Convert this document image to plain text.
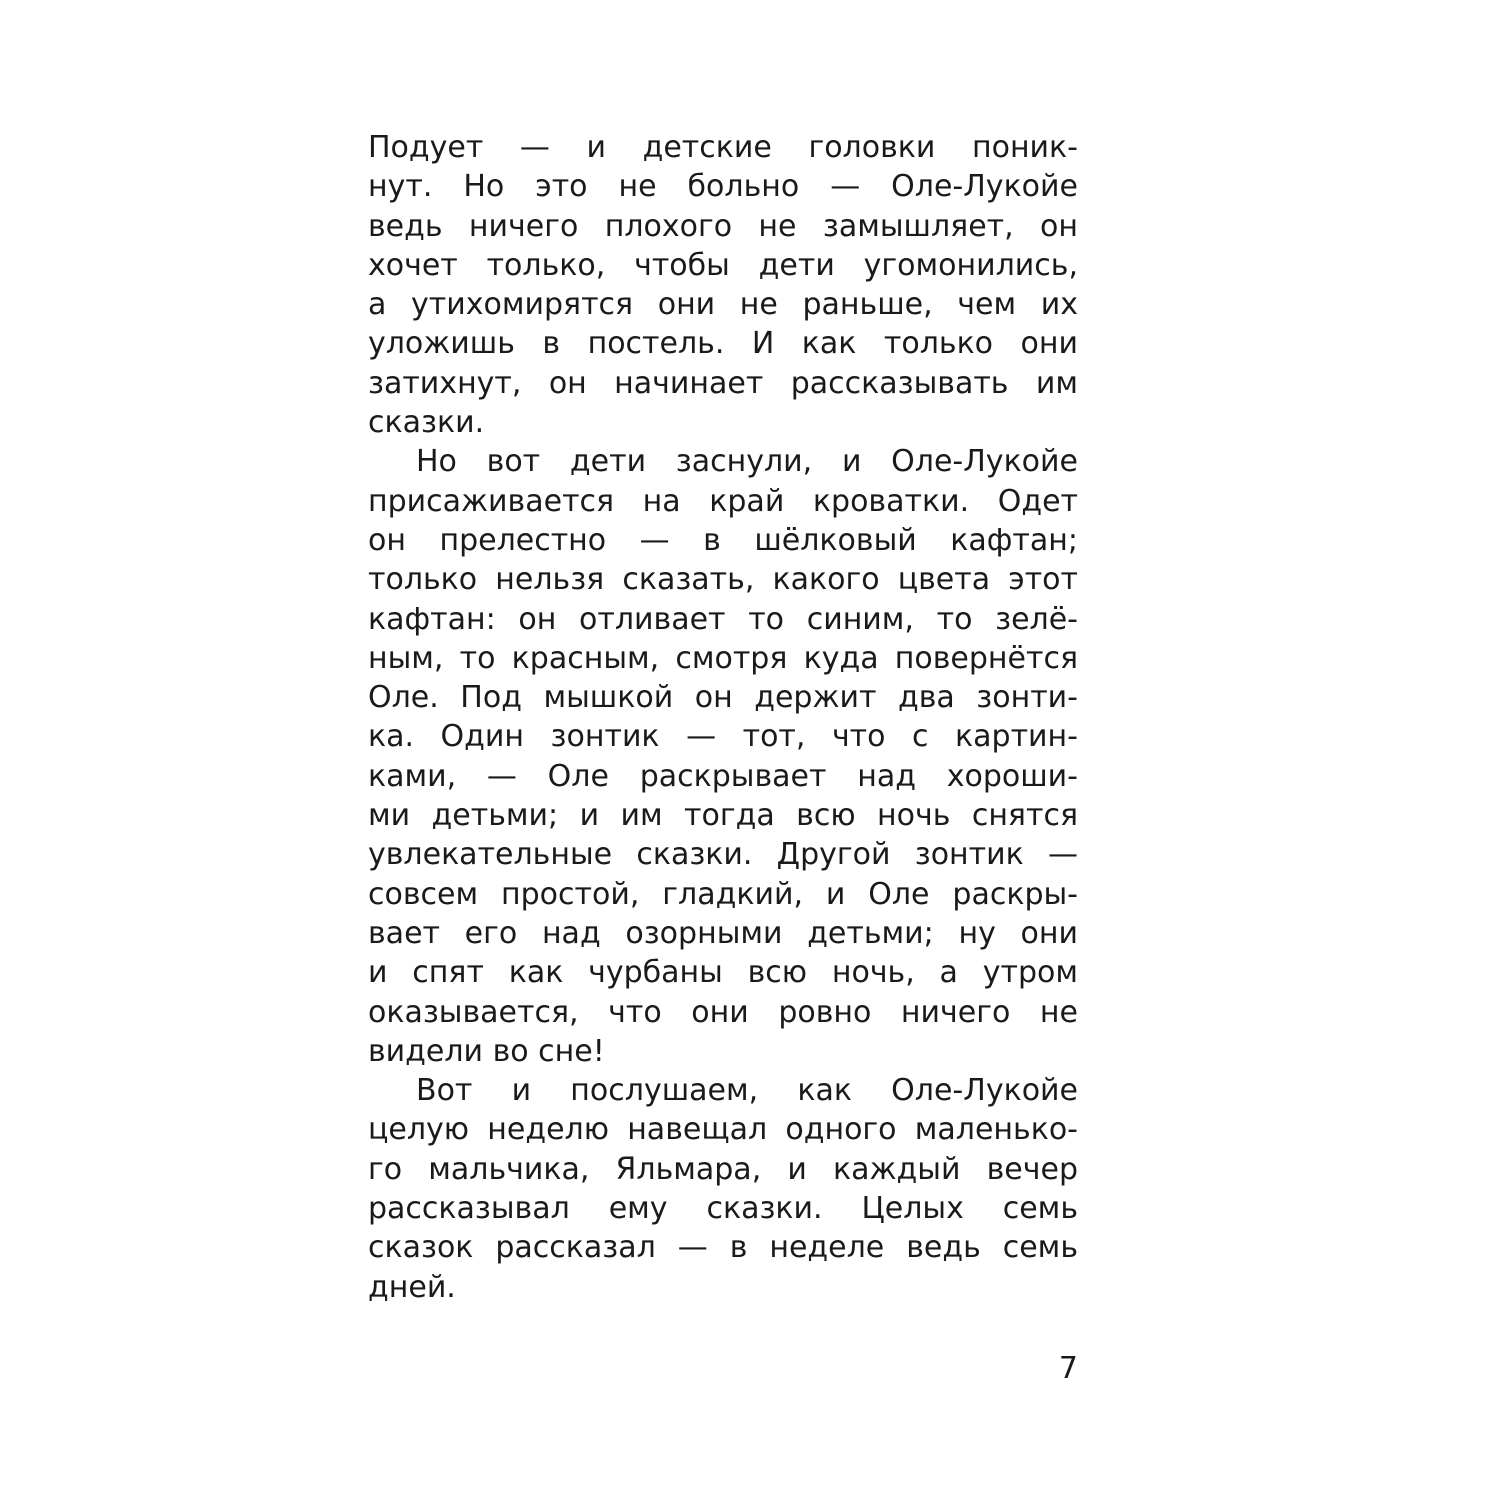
Подует — и детские головки поник-
нут. Но это не больно — Оле-Лукойе
ведь ничего плохого не замышляет, он
хочет только, чтобы дети угомонились,
а утихомирятся они не раньше, чем их
уложишь в постель. И как только они
затихнут, он начинает рассказывать им
сказки.
Но вот дети заснули, и Оле-Лукойе
присаживается на край кроватки. Одет
он прелестно — в шёлковый кафтан;
только нельзя сказать, какого цвета этот
кафтан: он отливает то синим, то зелё-
ным, то красным, смотря куда повернётся
Оле. Под мышкой он держит два зонти-
ка. Один зонтик — тот, что с картин-
ками, — Оле раскрывает над хороши-
ми детьми; и им тогда всю ночь снятся
увлекательные сказки. Другой зонтик —
совсем простой, гладкий, и Оле раскры-
вает его над озорными детьми; ну они
и спят как чурбаны всю ночь, а утром
оказывается, что они ровно ничего не
видели во сне!
Вот и послушаем, как Оле-Лукойе
целую неделю навещал одного маленько-
го мальчика, Яльмара, и каждый вечер
рассказывал ему сказки. Целых семь
сказок рассказал — в неделе ведь семь
дней.
7
